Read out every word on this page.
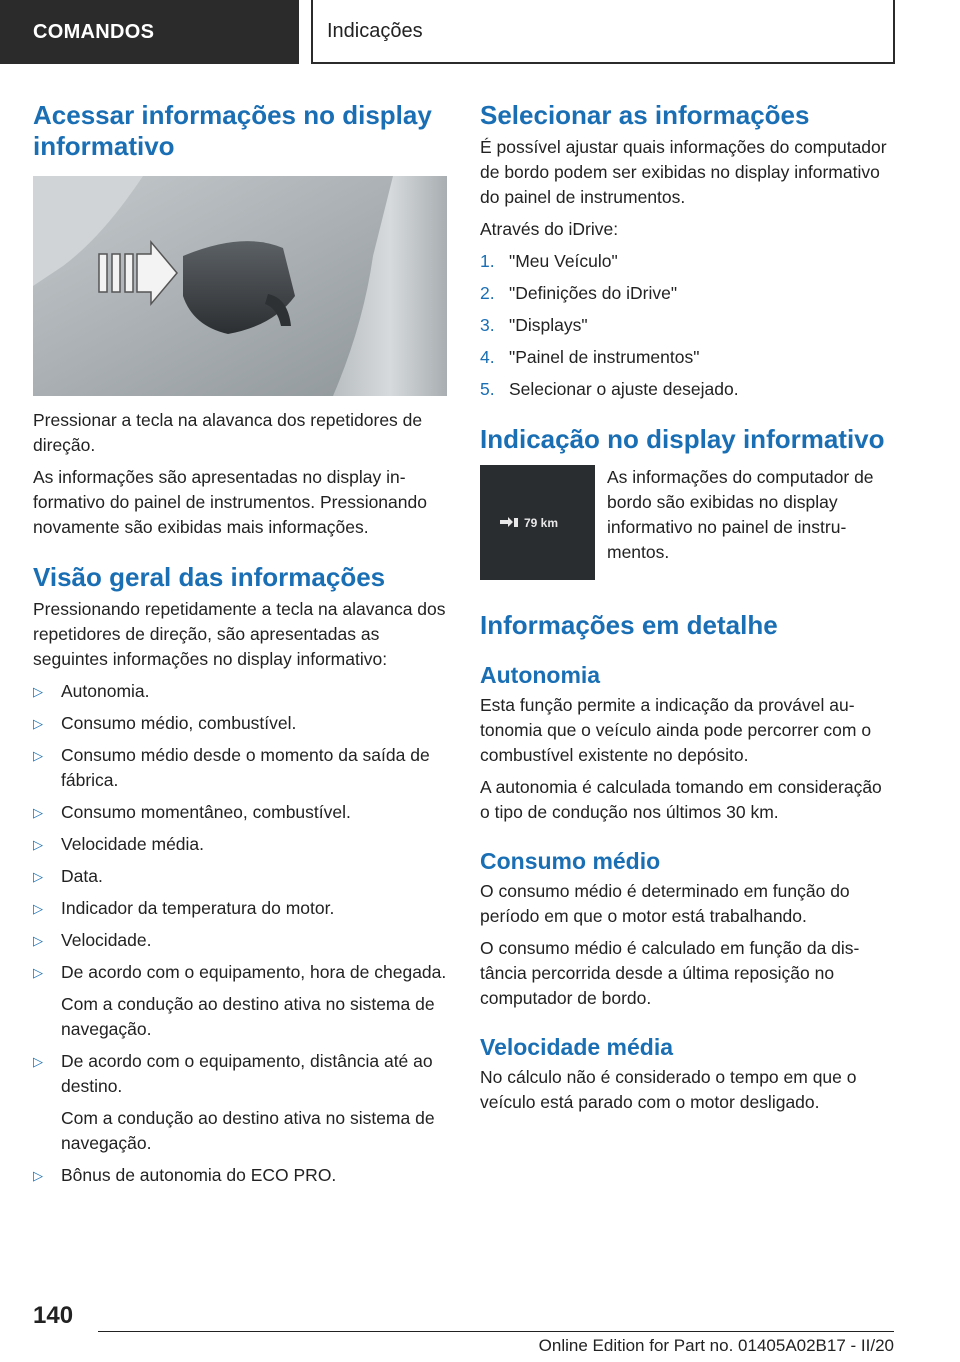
COMANDOS	Indicações
Acessar informações no display informativo

Pressionar a tecla na alavanca dos repetidores de direção.

As informações são apresentadas no display informativo do painel de instrumentos. Pressionando novamente são exibidas mais informações.

Visão geral das informações

Pressionando repetidamente a tecla na alavanca dos repetidores de direção, são apresentadas as seguintes informações no display informativo:

▷ Autonomia.
▷ Consumo médio, combustível.
▷ Consumo médio desde o momento da saída de fábrica.
▷ Consumo momentâneo, combustível.
▷ Velocidade média.
▷ Data.
▷ Indicador da temperatura do motor.
▷ Velocidade.
▷ De acordo com o equipamento, hora de chegada.
Com a condução ao destino ativa no sistema de navegação.
▷ De acordo com o equipamento, distância até ao destino.
Com a condução ao destino ativa no sistema de navegação.
▷ Bônus de autonomia do ECO PRO.
Selecionar as informações

É possível ajustar quais informações do computador de bordo podem ser exibidas no display informativo do painel de instrumentos.

Através do iDrive:

1. "Meu Veículo"
2. "Definições do iDrive"
3. "Displays"
4. "Painel de instrumentos"
5. Selecionar o ajuste desejado.
Indicação no display informativo
79 km

As informações do computador de bordo são exibidas no display informativo no painel de instrumentos.

Informações em detalhe
Autonomia

Esta função permite a indicação da provável autonomia que o veículo ainda pode percorrer com o combustível existente no depósito.

A autonomia é calculada tomando em consideração o tipo de condução nos últimos 30 km.

Consumo médio

O consumo médio é determinado em função do período em que o motor está trabalhando.

O consumo médio é calculado em função da distância percorrida desde a última reposição no computador de bordo.

Velocidade média

No cálculo não é considerado o tempo em que o veículo está parado com o motor desligado.

140
Online Edition for Part no. 01405A02B17 - II/20
